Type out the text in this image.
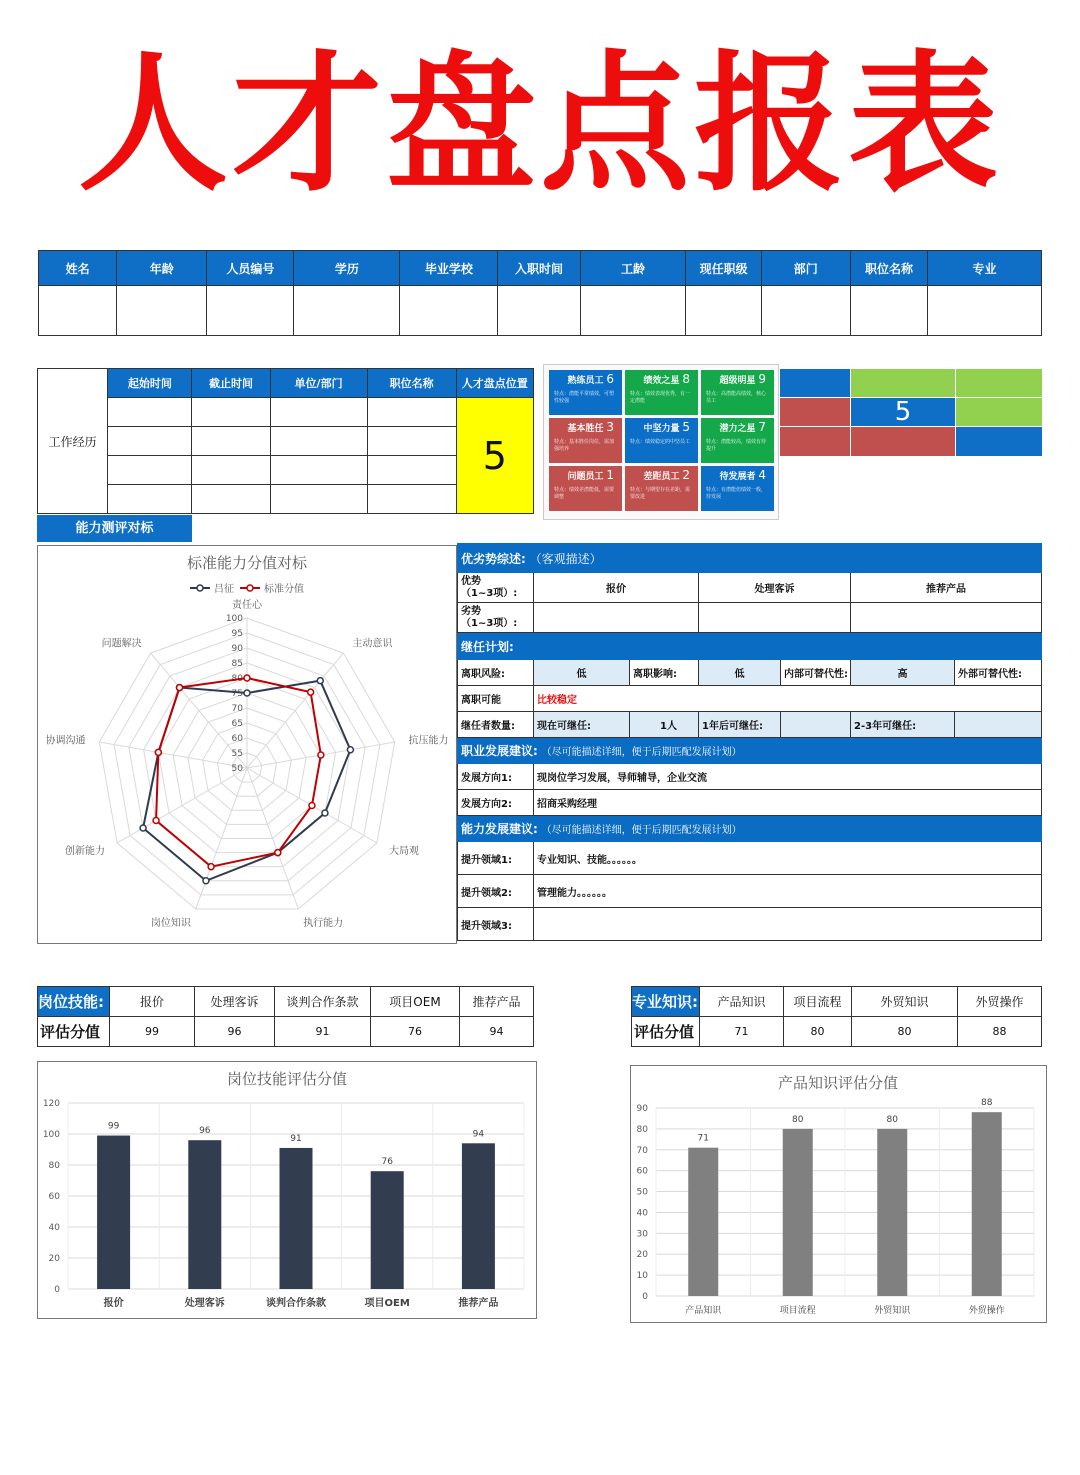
人才盘点报表
姓名	年龄	人员编号	学历	毕业学校	入职时间	工龄	现任职级	部门	职位名称	专业

工作经历	起始时间	截止时间	单位/部门	职位名称	人才盘点位置
					5

熟练员工 6
特点：潜能平常绩效，可塑性较强
绩效之星 8
特点：绩效表现优秀，有一定潜能
超级明星 9
特点：高潜能高绩效，核心员工
基本胜任 3
特点：基本胜任岗位，需加强培养
中坚力量 5
特点：绩效稳定的中坚员工
潜力之星 7
特点：潜能较高，绩效有待提升
问题员工 1
特点：绩效差潜能低，需要调整
差距员工 2
特点：与期望存在差距，需要改进
待发展者 4
特点：有潜能但绩效一般，待发展
5
能力测评对标
标准能力分值对标
100
95
90
85
80
75
70
65
60
55
50
责任心
主动意识
抗压能力
大局观
执行能力
岗位知识
创新能力
协调沟通
问题解决
吕征	标准分值
优劣势综述: （客观描述）						
优势
（1~3项）:	报价		处理客诉		推荐产品	
劣势
（1~3项）:						
继任计划:						
离职风险:	低	离职影响:	低	内部可替代性:	高	外部可替代性:
离职可能	比较稳定					
继任者数量:	现在可继任:	1人	1年后可继任:		2-3年可继任:	
职业发展建议: （尽可能描述详细，便于后期匹配发展计划）						
发展方向1:	现岗位学习发展，导师辅导，企业交流					
发展方向2:	招商采购经理					
能力发展建议: （尽可能描述详细，便于后期匹配发展计划）						
提升领域1:	专业知识、技能。。。。。。					
提升领域2:	管理能力。。。。。。					
提升领域3:						
岗位技能:	报价	处理客诉	谈判合作条款	项目OEM	推荐产品
评估分值	99	96	91	76	94
专业知识:	产品知识	项目流程	外贸知识	外贸操作
评估分值	71	80	80	88
岗位技能评估分值
0
20
40
60
80
100
120
99
报价
96
处理客诉
91
谈判合作条款
76
项目OEM
94
推荐产品
产品知识评估分值
0
10
20
30
40
50
60
70
80
90
71
产品知识
80
项目流程
80
外贸知识
88
外贸操作
